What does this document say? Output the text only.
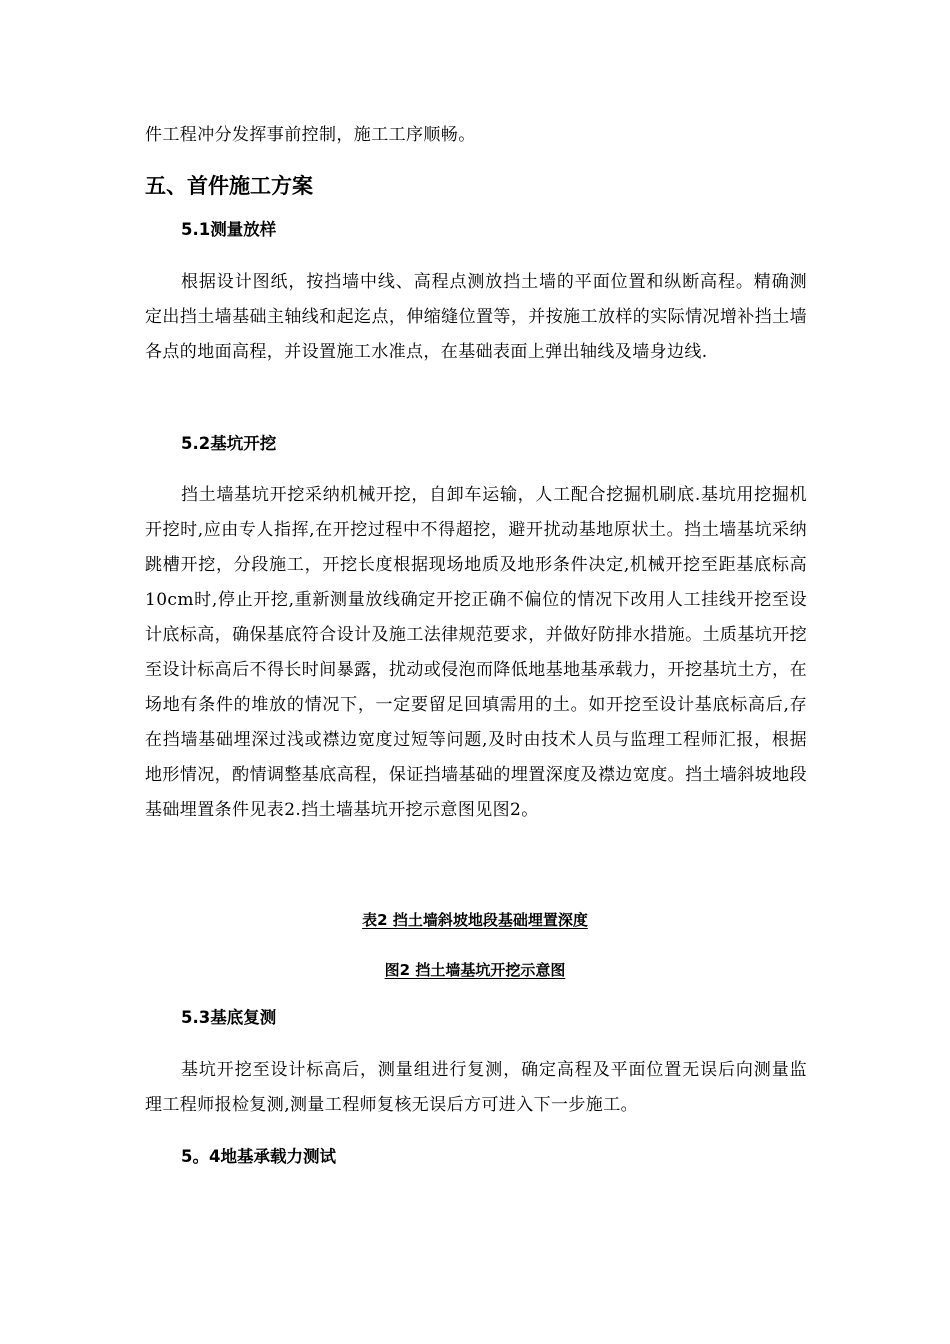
件工程冲分发挥事前控制，施工工序顺畅。

五、首件施工方案
5.1测量放样

根据设计图纸，按挡墙中线、高程点测放挡土墙的平面位置和纵断高程。精确测定出挡土墙基础主轴线和起迄点，伸缩缝位置等，并按施工放样的实际情况增补挡土墙各点的地面高程，并设置施工水准点，在基础表面上弹出轴线及墙身边线.

5.2基坑开挖

挡土墙基坑开挖采纳机械开挖，自卸车运输，人工配合挖掘机刷底.基坑用挖掘机开挖时,应由专人指挥,在开挖过程中不得超挖，避开扰动基地原状土。挡土墙基坑采纳跳槽开挖，分段施工，开挖长度根据现场地质及地形条件决定,机械开挖至距基底标高10cm时,停止开挖,重新测量放线确定开挖正确不偏位的情况下改用人工挂线开挖至设计底标高，确保基底符合设计及施工法律规范要求，并做好防排水措施。土质基坑开挖至设计标高后不得长时间暴露，扰动或侵泡而降低地基地基承载力，开挖基坑土方，在场地有条件的堆放的情况下，一定要留足回填需用的土。如开挖至设计基底标高后,存在挡墙基础埋深过浅或襟边宽度过短等问题,及时由技术人员与监理工程师汇报，根据地形情况，酌情调整基底高程，保证挡墙基础的埋置深度及襟边宽度。挡土墙斜坡地段基础埋置条件见表2.挡土墙基坑开挖示意图见图2。

表2 挡土墙斜坡地段基础埋置深度

图2 挡土墙基坑开挖示意图

5.3基底复测

基坑开挖至设计标高后，测量组进行复测，确定高程及平面位置无误后向测量监理工程师报检复测,测量工程师复核无误后方可进入下一步施工。

5。4地基承载力测试
